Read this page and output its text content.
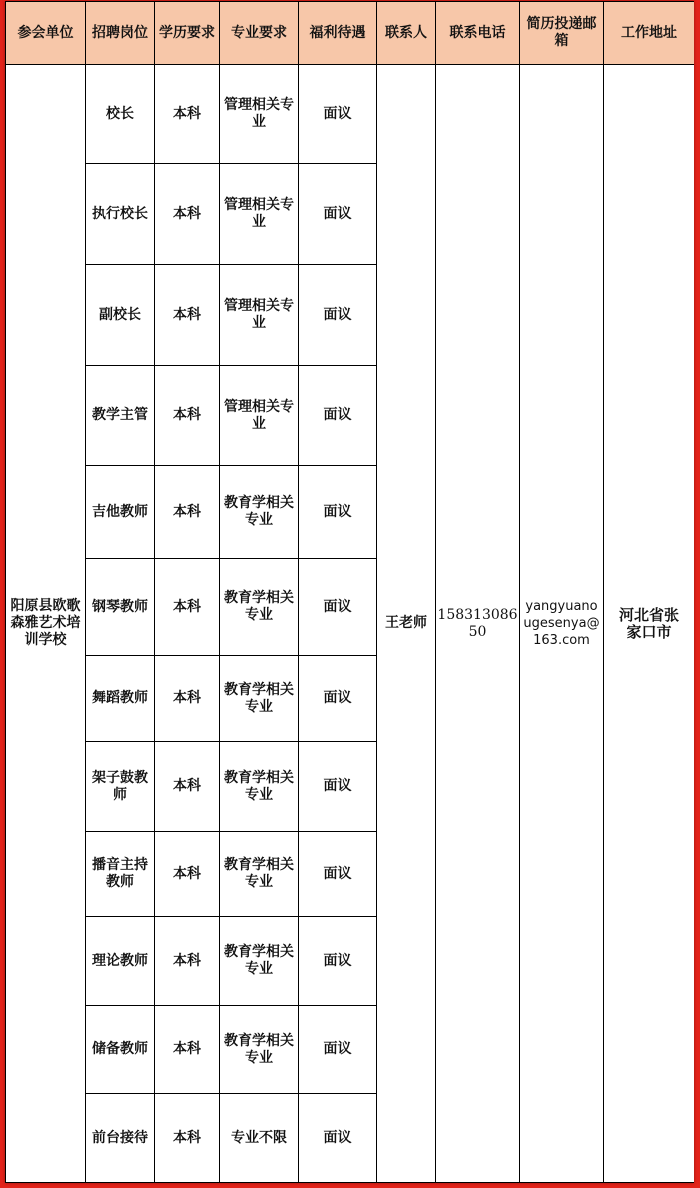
参会单位	招聘岗位	学历要求	专业要求	福利待遇	联系人	联系电话	简历投递邮箱	工作地址
阳原县欧歌森雅艺术培训学校	校长	本科	管理相关专业	面议	王老师	15831308650	yangyuanougesenya@163.com	河北省张家口市
	执行校长	本科	管理相关专业	面议				
	副校长	本科	管理相关专业	面议				
	教学主管	本科	管理相关专业	面议				
	吉他教师	本科	教育学相关专业	面议				
	钢琴教师	本科	教育学相关专业	面议				
	舞蹈教师	本科	教育学相关专业	面议				
	架子鼓教师	本科	教育学相关专业	面议				
	播音主持教师	本科	教育学相关专业	面议				
	理论教师	本科	教育学相关专业	面议				
	储备教师	本科	教育学相关专业	面议				
	前台接待	本科	专业不限	面议				
